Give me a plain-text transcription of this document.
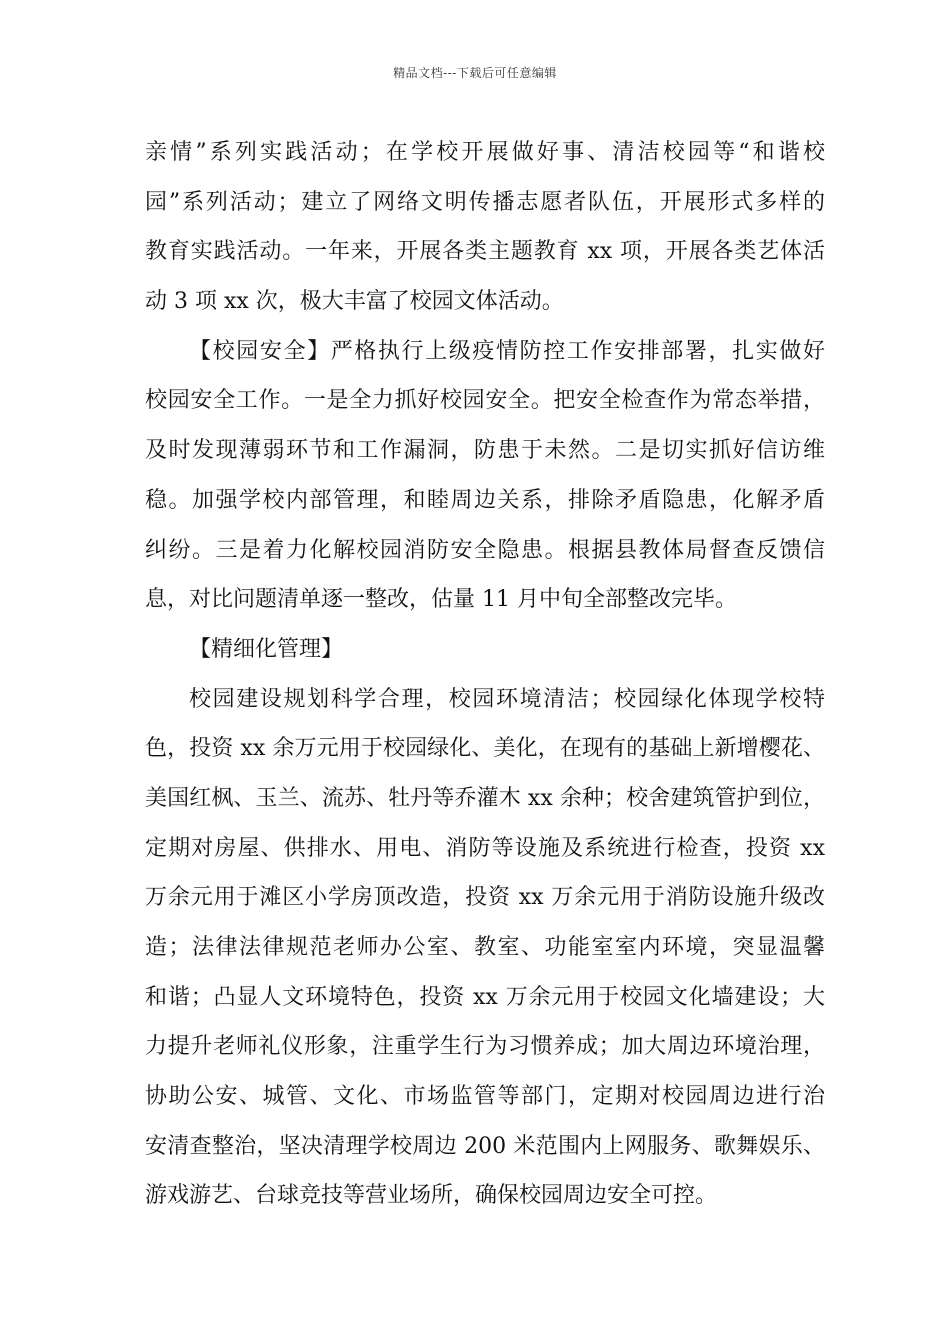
精品文档---下载后可任意编辑
亲情”系列实践活动；在学校开展做好事、清洁校园等“和谐校
园”系列活动；建立了网络文明传播志愿者队伍，开展形式多样的
教育实践活动。一年来，开展各类主题教育 xx 项，开展各类艺体活
动 3 项 xx 次，极大丰富了校园文体活动。
【校园安全】严格执行上级疫情防控工作安排部署，扎实做好
校园安全工作。一是全力抓好校园安全。把安全检查作为常态举措，
及时发现薄弱环节和工作漏洞，防患于未然。二是切实抓好信访维
稳。加强学校内部管理，和睦周边关系，排除矛盾隐患，化解矛盾
纠纷。三是着力化解校园消防安全隐患。根据县教体局督查反馈信
息，对比问题清单逐一整改，估量 11 月中旬全部整改完毕。
【精细化管理】
校园建设规划科学合理，校园环境清洁；校园绿化体现学校特
色，投资 xx 余万元用于校园绿化、美化，在现有的基础上新增樱花、
美国红枫、玉兰、流苏、牡丹等乔灌木 xx 余种；校舍建筑管护到位，
定期对房屋、供排水、用电、消防等设施及系统进行检查，投资 xx
万余元用于滩区小学房顶改造，投资 xx 万余元用于消防设施升级改
造；法律法律规范老师办公室、教室、功能室室内环境，突显温馨
和谐；凸显人文环境特色，投资 xx 万余元用于校园文化墙建设；大
力提升老师礼仪形象，注重学生行为习惯养成；加大周边环境治理，
协助公安、城管、文化、市场监管等部门，定期对校园周边进行治
安清查整治，坚决清理学校周边 200 米范围内上网服务、歌舞娱乐、
游戏游艺、台球竞技等营业场所，确保校园周边安全可控。
